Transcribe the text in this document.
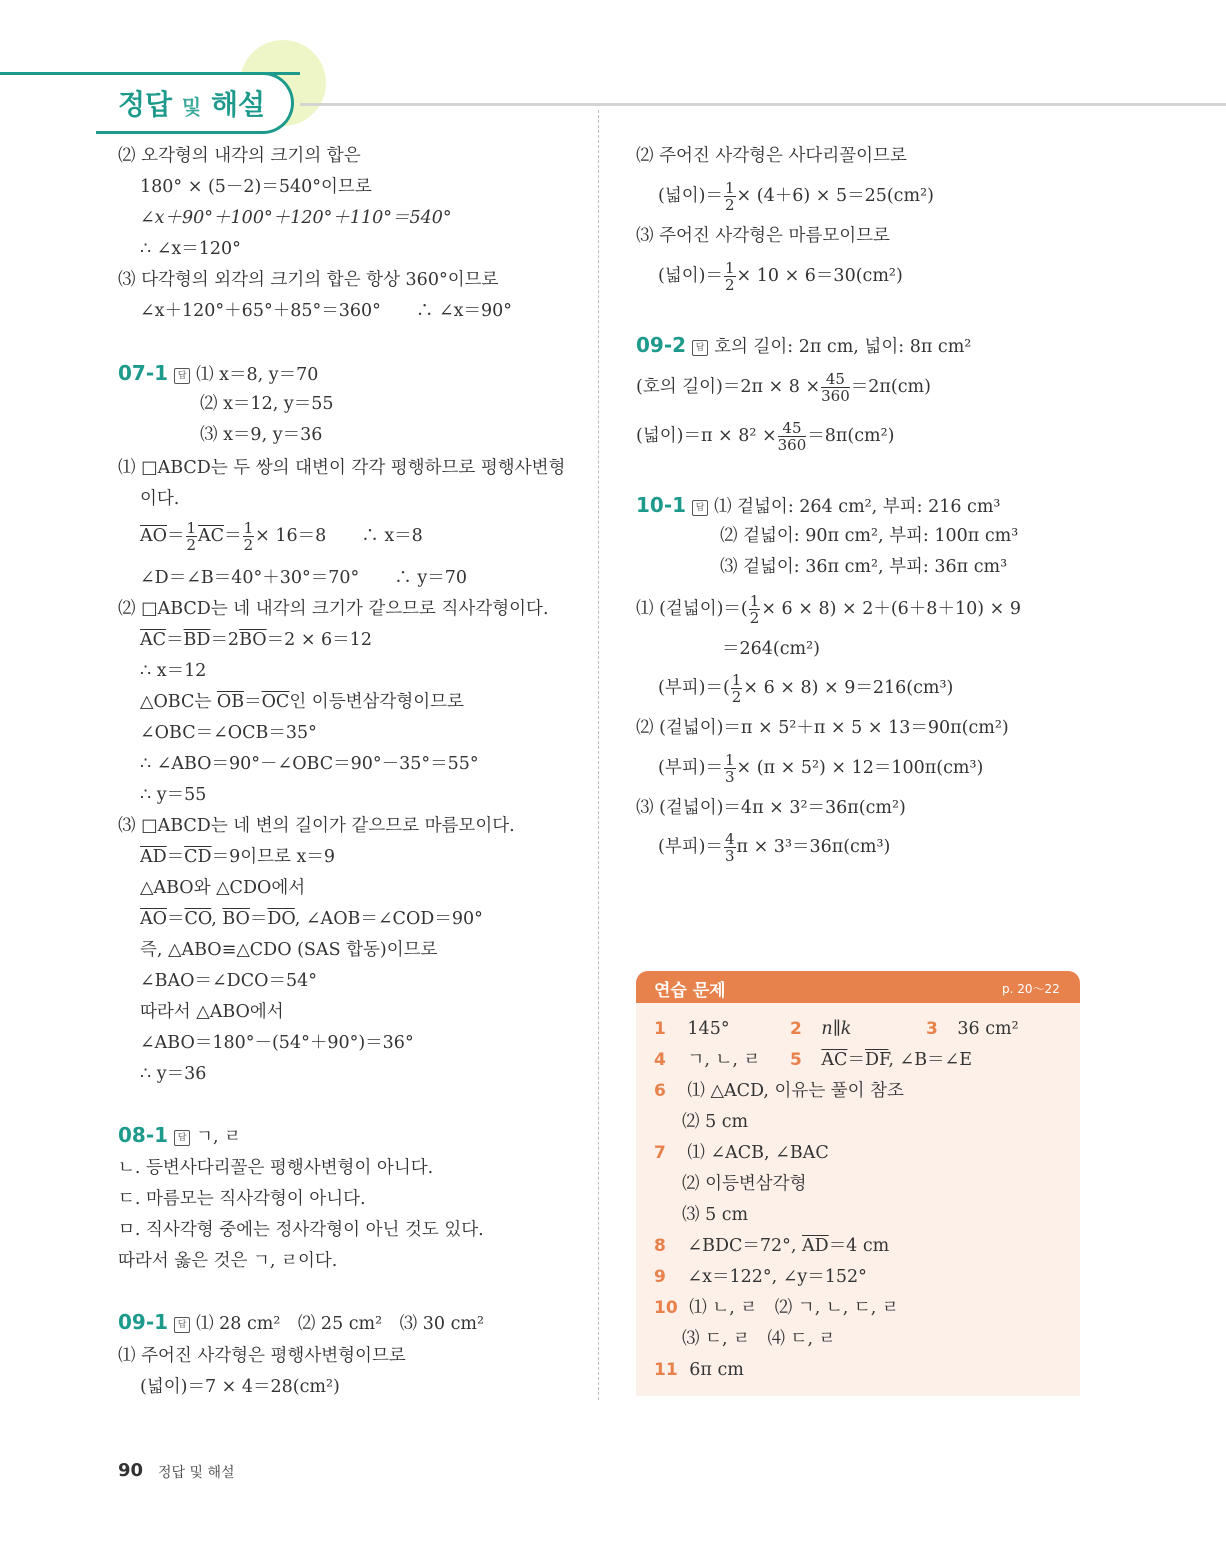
정답 및 해설
⑵ 오각형의 내각의 크기의 합은
180° × (5－2)＝540°이므로
∠x＋90°＋100°＋120°＋110°＝540°
∴ ∠x＝120°
⑶ 다각형의 외각의 크기의 합은 항상 360°이므로
∠x＋120°＋65°＋85°＝360°　　∴ ∠x＝90°
07-1 답 ⑴ x＝8, y＝70
⑵ x＝12, y＝55
⑶ x＝9, y＝36
⑴ □ABCD는 두 쌍의 대변이 각각 평행하므로 평행사변형
이다.
$\overline{AO}= \frac{1}{2} \overline{AC}= \frac{1}{2} \times 16=8$　　∴ x＝8
∠D＝∠B＝40°＋30°＝70°　　∴ y＝70
⑵ □ABCD는 네 내각의 크기가 같으므로 직사각형이다.
$\overline{AC}=\overline{BD}=2\overline{BO}=2 \times 6=12$
∴ x＝12
△OBC는 $\overline{OB}=\overline{OC}$인 이등변삼각형이므로
∠OBC＝∠OCB＝35°
∴ ∠ABO＝90°－∠OBC＝90°－35°＝55°
∴ y＝55
⑶ □ABCD는 네 변의 길이가 같으므로 마름모이다.
$\overline{AD}=\overline{CD}=9$이므로 x＝9
△ABO와 △CDO에서
$\overline{AO}=\overline{CO}$, $\overline{BO}=\overline{DO}$, ∠AOB＝∠COD＝90°
즉, △ABO≡△CDO (SAS 합동)이므로
∠BAO＝∠DCO＝54°
따라서 △ABO에서
∠ABO＝180°－(54°＋90°)＝36°
∴ y＝36
08-1 답 ㄱ, ㄹ
ㄴ. 등변사다리꼴은 평행사변형이 아니다.
ㄷ. 마름모는 직사각형이 아니다.
ㅁ. 직사각형 중에는 정사각형이 아닌 것도 있다.
따라서 옳은 것은 ㄱ, ㄹ이다.
09-1 답 ⑴ 28 cm²　⑵ 25 cm²　⑶ 30 cm²
⑴ 주어진 사각형은 평행사변형이므로
(넓이)＝7 × 4＝28(cm²)
⑵ 주어진 사각형은 사다리꼴이므로
(넓이)＝ $\frac{1}{2} \times (4+6) \times 5=25(cm^2)$
⑶ 주어진 사각형은 마름모이므로
(넓이)＝ $\frac{1}{2} \times 10 \times 6=30(cm^2)$
09-2 답 호의 길이: 2π cm, 넓이: 8π cm²
(호의 길이)$=2\pi \times 8 \times \frac{45}{360} =2\pi(cm)$
(넓이)$=\pi \times 8^2 \times \frac{45}{360} =8\pi(cm^2)$
10-1 답 ⑴ 겉넓이: 264 cm², 부피: 216 cm³
⑵ 겉넓이: 90π cm², 부피: 100π cm³
⑶ 겉넓이: 36π cm², 부피: 36π cm³
⑴ (겉넓이)＝( $\frac{1}{2} \times 6 \times 8) \times 2+(6+8+10) \times 9$
＝264(cm²)
(부피)＝( $\frac{1}{2} \times 6 \times 8) \times 9=216(cm^3)$
⑵ (겉넓이)＝π × 5²＋π × 5 × 13＝90π(cm²)
(부피)＝ $\frac{1}{3} \times (\pi \times 5^2) \times 12=100\pi(cm^3)$
⑶ (겉넓이)＝4π × 3²＝36π(cm²)
(부피)＝ $\frac{4}{3}$ π × 3³＝36π(cm³)
연습 문제	p. 20～22
1 145°	2 n∥k	3 36 cm²
4 ㄱ, ㄴ, ㄹ 5 $\overline{AC}=\overline{DF}$, ∠B＝∠E
6 ⑴ △ACD, 이유는 풀이 참조
⑵ 5 cm
7 ⑴ ∠ACB, ∠BAC
⑵ 이등변삼각형
⑶ 5 cm
8 ∠BDC＝72°, $\overline{AD}=4$ cm
9 ∠x＝122°, ∠y＝152°
10 ⑴ ㄴ, ㄹ　⑵ ㄱ, ㄴ, ㄷ, ㄹ
⑶ ㄷ, ㄹ　⑷ ㄷ, ㄹ
11 6π cm
90 정답 및 해설
